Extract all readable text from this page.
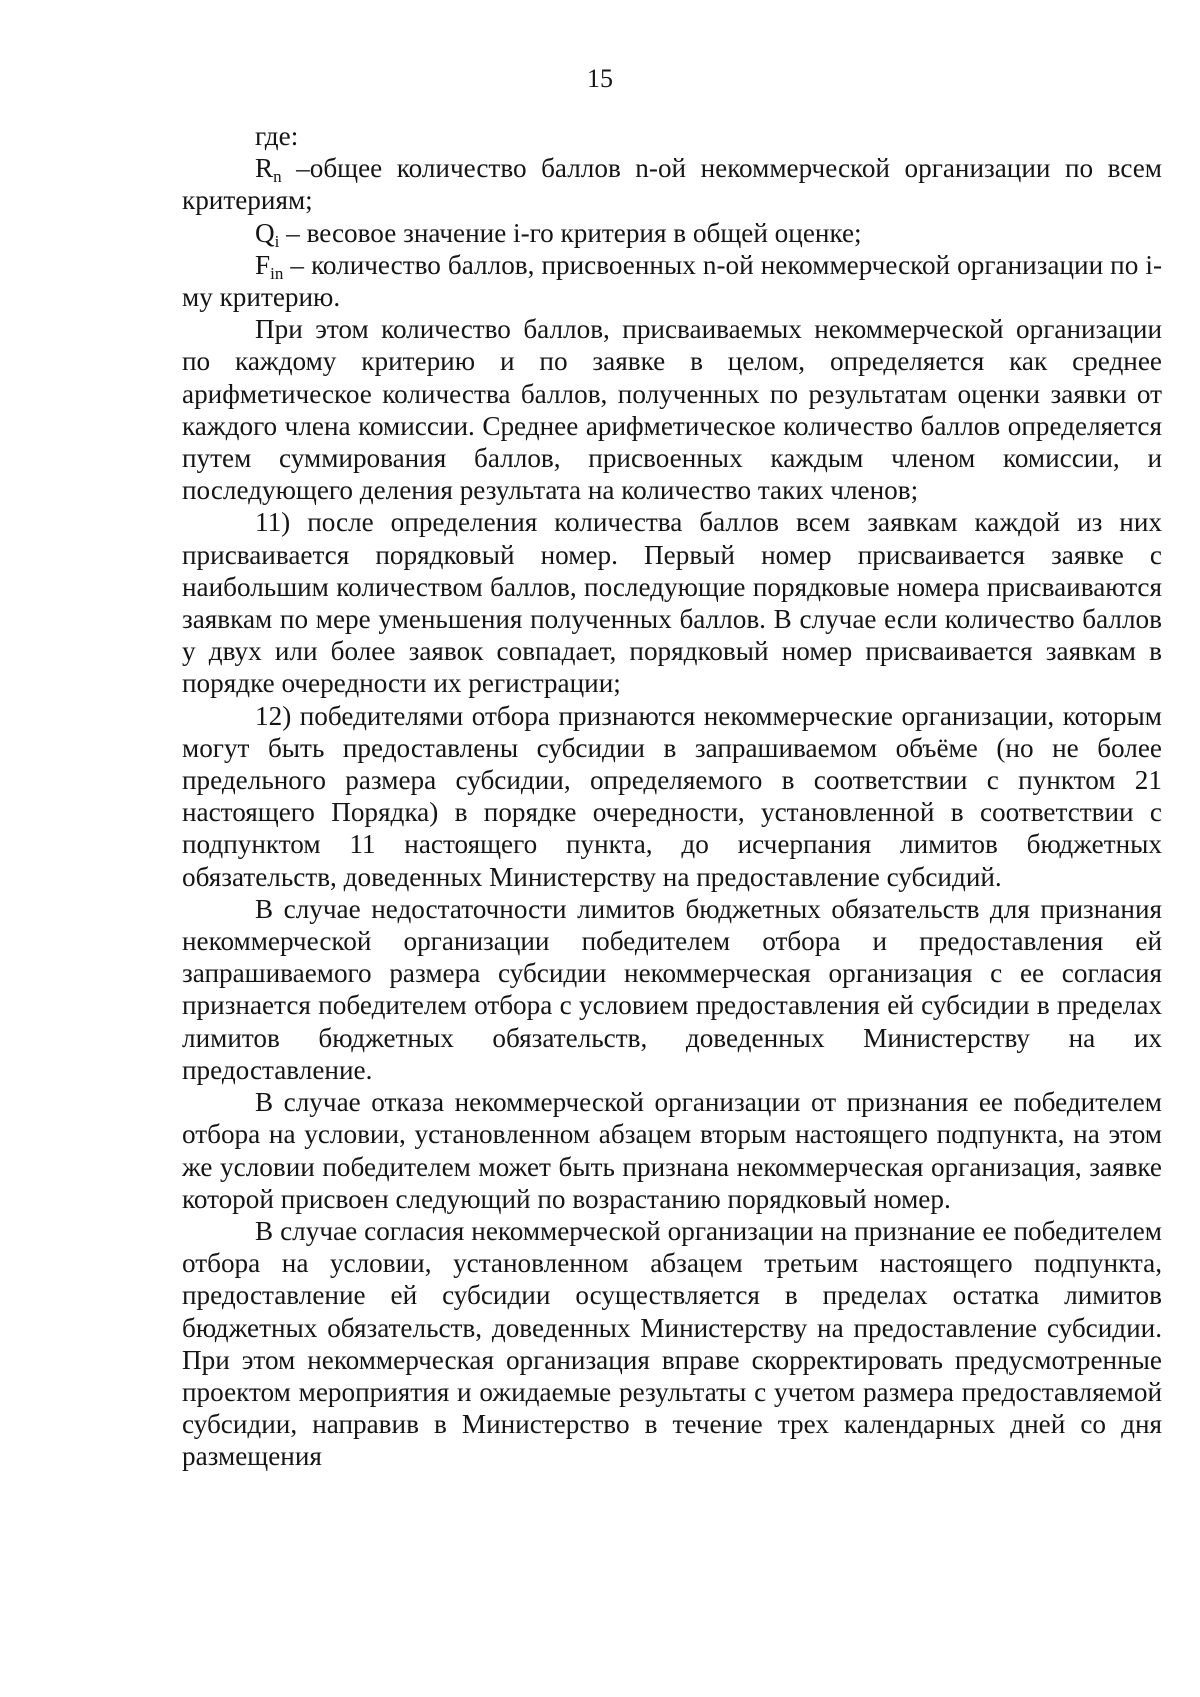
15

где:

$R_n$ –общее количество баллов n-ой некоммерческой организации по всем критериям;

$Q_i$ – весовое значение i-го критерия в общей оценке;

$F_{in}$ – количество баллов, присвоенных n-ой некоммерческой организации по i-му критерию.

При этом количество баллов, присваиваемых некоммерческой организации по каждому критерию и по заявке в целом, определяется как среднее арифметическое количества баллов, полученных по результатам оценки заявки от каждого члена комиссии. Среднее арифметическое количество баллов определяется путем суммирования баллов, присвоенных каждым членом комиссии, и последующего деления результата на количество таких членов;

11) после определения количества баллов всем заявкам каждой из них присваивается порядковый номер. Первый номер присваивается заявке с наибольшим количеством баллов, последующие порядковые номера присваиваются заявкам по мере уменьшения полученных баллов. В случае если количество баллов у двух или более заявок совпадает, порядковый номер присваивается заявкам в порядке очередности их регистрации;

12) победителями отбора признаются некоммерческие организации, которым могут быть предоставлены субсидии в запрашиваемом объёме (но не более предельного размера субсидии, определяемого в соответствии с пунктом 21 настоящего Порядка) в порядке очередности, установленной в соответствии с подпунктом 11 настоящего пункта, до исчерпания лимитов бюджетных обязательств, доведенных Министерству на предоставление субсидий.

В случае недостаточности лимитов бюджетных обязательств для признания некоммерческой организации победителем отбора и предоставления ей запрашиваемого размера субсидии некоммерческая организация с ее согласия признается победителем отбора с условием предоставления ей субсидии в пределах лимитов бюджетных обязательств, доведенных Министерству на их предоставление.

В случае отказа некоммерческой организации от признания ее победителем отбора на условии, установленном абзацем вторым настоящего подпункта, на этом же условии победителем может быть признана некоммерческая организация, заявке которой присвоен следующий по возрастанию порядковый номер.

В случае согласия некоммерческой организации на признание ее победителем отбора на условии, установленном абзацем третьим настоящего подпункта, предоставление ей субсидии осуществляется в пределах остатка лимитов бюджетных обязательств, доведенных Министерству на предоставление субсидии. При этом некоммерческая организация вправе скорректировать предусмотренные проектом мероприятия и ожидаемые результаты с учетом размера предоставляемой субсидии, направив в Министерство в течение трех календарных дней со дня размещения
